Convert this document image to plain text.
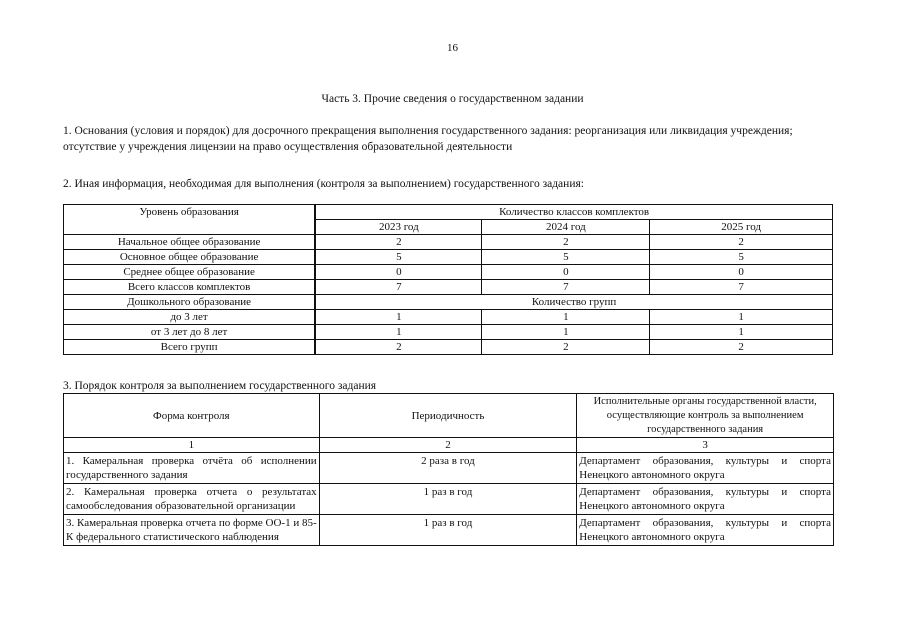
16
Часть 3. Прочие сведения о государственном задании
1. Основания (условия и порядок) для досрочного прекращения выполнения государственного задания: реорганизация или ликвидация учреждения; отсутствие у учреждения лицензии на право осуществления образовательной деятельности
2. Иная информация, необходимая для выполнения (контроля за выполнением) государственного задания:
Уровень образования	Количество классов комплектов		
	2023 год	2024 год	2025 год
Начальное общее образование	2	2	2
Основное общее образование	5	5	5
Среднее общее образование	0	0	0
Всего классов комплектов	7	7	7
Дошкольного образование	Количество групп		
до 3 лет	1	1	1
от 3 лет до 8 лет	1	1	1
Всего групп	2	2	2
3. Порядок контроля за выполнением государственного задания
Форма контроля	Периодичность	Исполнительные органы государственной власти, осуществляющие контроль за выполнением государственного задания
1	2	3
1. Камеральная проверка отчёта об исполнении государственного задания	2 раза в год	Департамент образования, культуры и спорта Ненецкого автономного округа
2. Камеральная проверка отчета о результатах самообследования образовательной организации	1 раз в год	Департамент образования, культуры и спорта Ненецкого автономного округа
3. Камеральная проверка отчета по форме ОО-1 и 85-К федерального статистического наблюдения	1 раз в год	Департамент образования, культуры и спорта Ненецкого автономного округа
